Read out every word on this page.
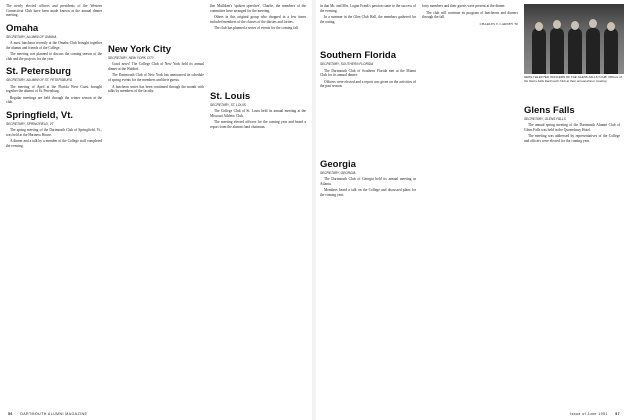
The newly elected officers and presidents of the Western Connecticut Club have been made known at the annual dinner meeting.

Omaha

SECRETARY, ALUMNI OF OMAHA

A most luncheon recently at the Omaha Club brought together the alumni and friends of the College.

The meeting was planned to discuss the coming season of the club and the projects for the year.

St. Petersburg

SECRETARY, ALUMNI OF ST. PETERSBURG

The meeting of April at the Florida West Coast brought together the alumni of St. Petersburg.

Regular meetings are held through the winter season at the club.

Springfield, Vt.

SECRETARY, SPRINGFIELD, VT.

The spring meeting of the Dartmouth Club of Springfield, Vt., was held at the Hartness House.

A dinner and a talk by a member of the College staff completed the evening.

New York City

SECRETARY, NEW YORK CITY

Good news! The College Club of New York held its annual dinner at the Waldorf.

The Dartmouth Club of New York has announced its schedule of spring events for the members and their guests.

A luncheon series has been continued through the month with talks by members of the faculty.

Jim Mulliken's 'spoken speeches', Charlie, the members of the committee have arranged for the meeting.

Others in this original group who dropped in a few times included members of the classes of the thirties and forties.

The club has planned a series of events for the coming fall.

St. Louis

SECRETARY, ST. LOUIS

The College Club of St. Louis held its annual meeting at the Missouri Athletic Club.

The meeting elected officers for the coming year and heard a report from the alumni fund chairman.

56 DARTMOUTH ALUMNI MAGAZINE

in that Mr. and Mrs. Logan Frank's passion came to the success of the evening.

In a summer in the Glen Club Hall, the members gathered for the outing.

Southern Florida

SECRETARY, SOUTHERN FLORIDA

The Dartmouth Club of Southern Florida met at the Miami Club for its annual dinner.

Officers were elected and a report was given on the activities of the past season.

Georgia

SECRETARY, GEORGIA

The Dartmouth Club of Georgia held its annual meeting in Atlanta.

Members heard a talk on the College and discussed plans for the coming year.

forty members and their guests were present at the dinner.

The club will continue its program of luncheons and dinners through the fall.

CHARLES T. CARNEY '30

NEWLY ELECTED OFFICERS OF THE GLENS FALLS CLUB: Officers of the Glens Falls Dartmouth Club at their annual dinner meeting.
Glens Falls

SECRETARY, GLENS FALLS

The annual spring meeting of the Dartmouth Alumni Club of Glens Falls was held in the Queensbury Hotel.

The meeting was addressed by representatives of the College and officers were elected for the coming year.

Issue of June 1951 57
